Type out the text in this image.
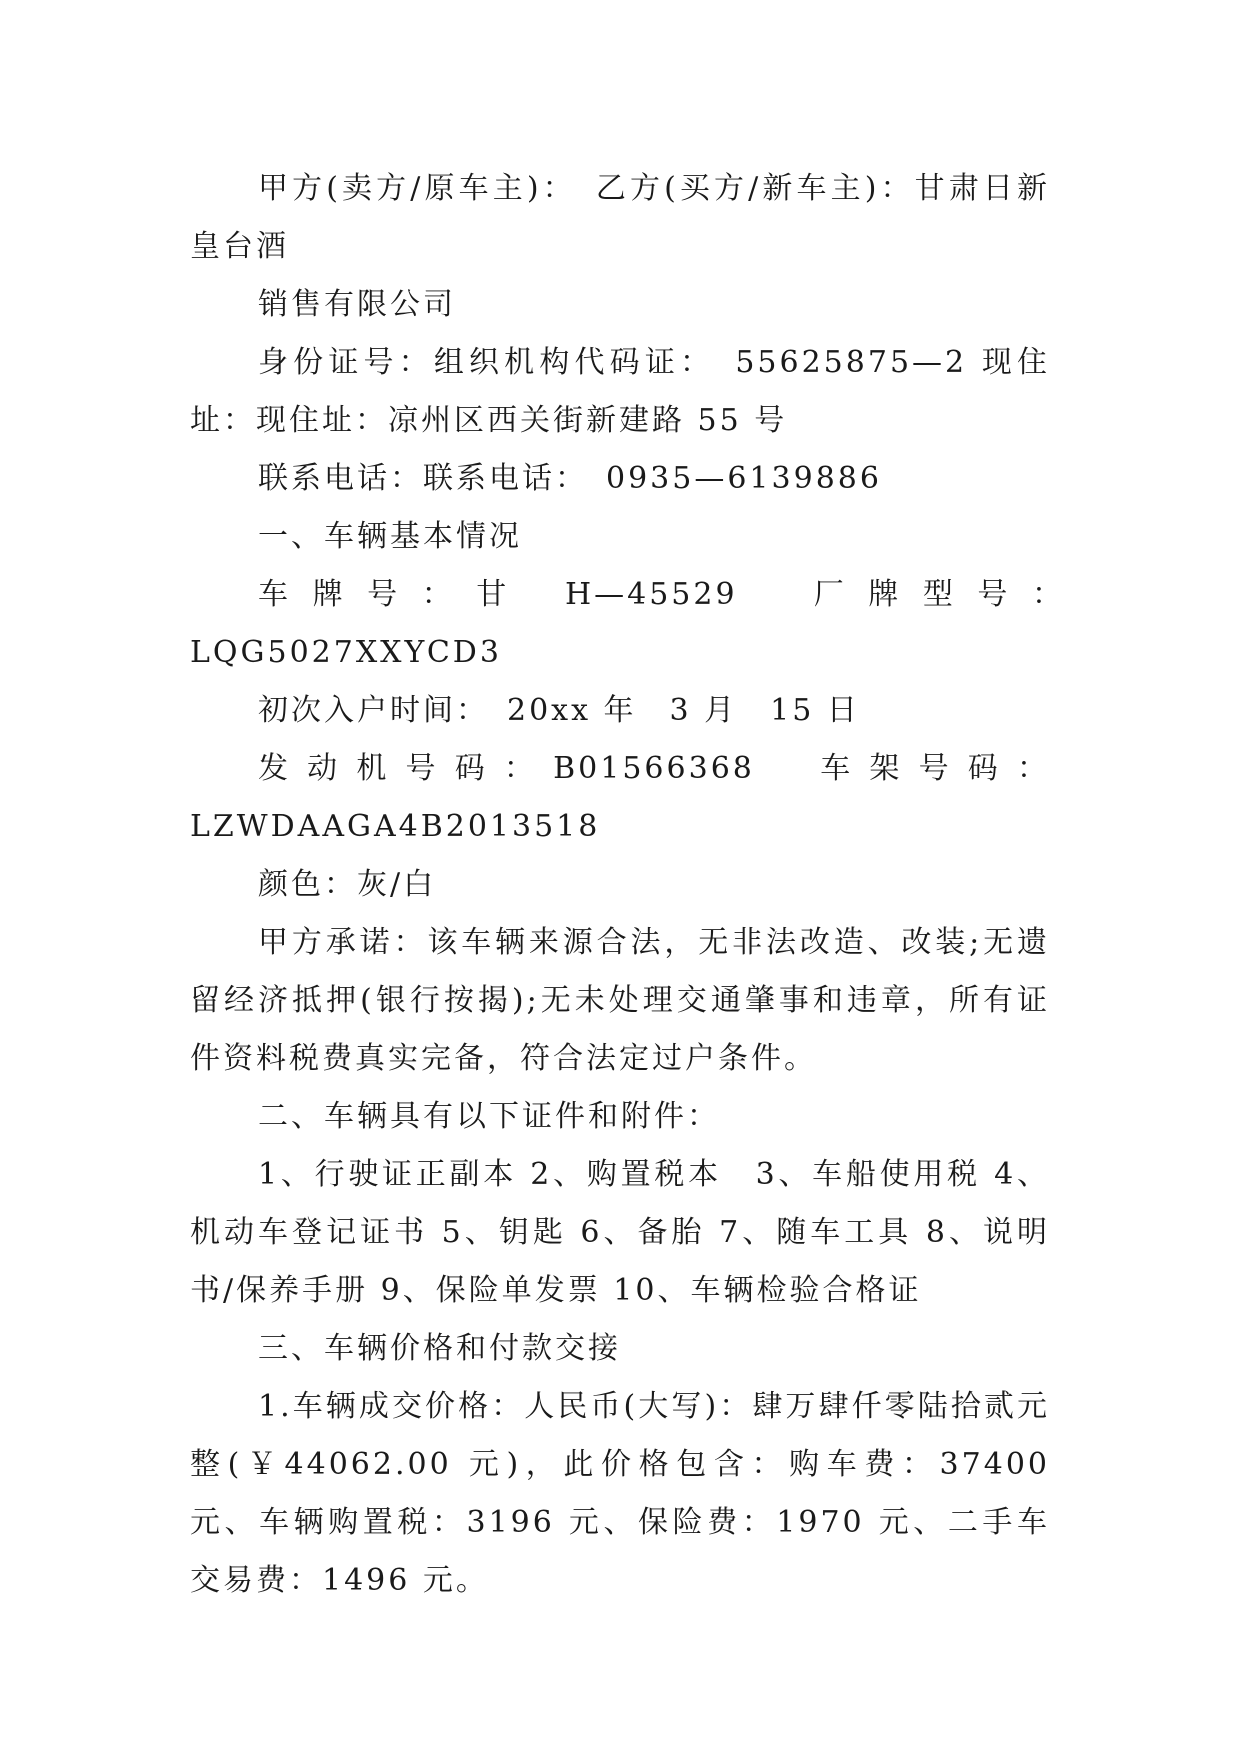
甲方(卖方/原车主)：　乙方(买方/新车主)：甘肃日新皇台酒

销售有限公司

身份证号：组织机构代码证：　55625875—2 现住址：现住址：凉州区西关街新建路 55 号

联系电话：联系电话：　0935—6139886

一、车辆基本情况

车牌号：甘 H—45529　厂牌型号：　LQG5027XXYCD3

初次入户时间：　20xx 年　3 月　15 日

发动机号码：B01566368　车架号码：LZWDAAGA4B2013518

颜色：灰/白

甲方承诺：该车辆来源合法，无非法改造、改装;无遗留经济抵押(银行按揭);无未处理交通肇事和违章，所有证件资料税费真实完备，符合法定过户条件。

二、车辆具有以下证件和附件：

1、行驶证正副本 2、购置税本　3、车船使用税 4、机动车登记证书 5、钥匙 6、备胎 7、随车工具 8、说明书/保养手册 9、保险单发票 10、车辆检验合格证

三、车辆价格和付款交接

1.车辆成交价格：人民币(大写)：肆万肆仟零陆拾贰元整(￥44062.00 元)，此价格包含：购车费：37400 元、车辆购置税：3196 元、保险费：1970 元、二手车交易费：1496 元。
